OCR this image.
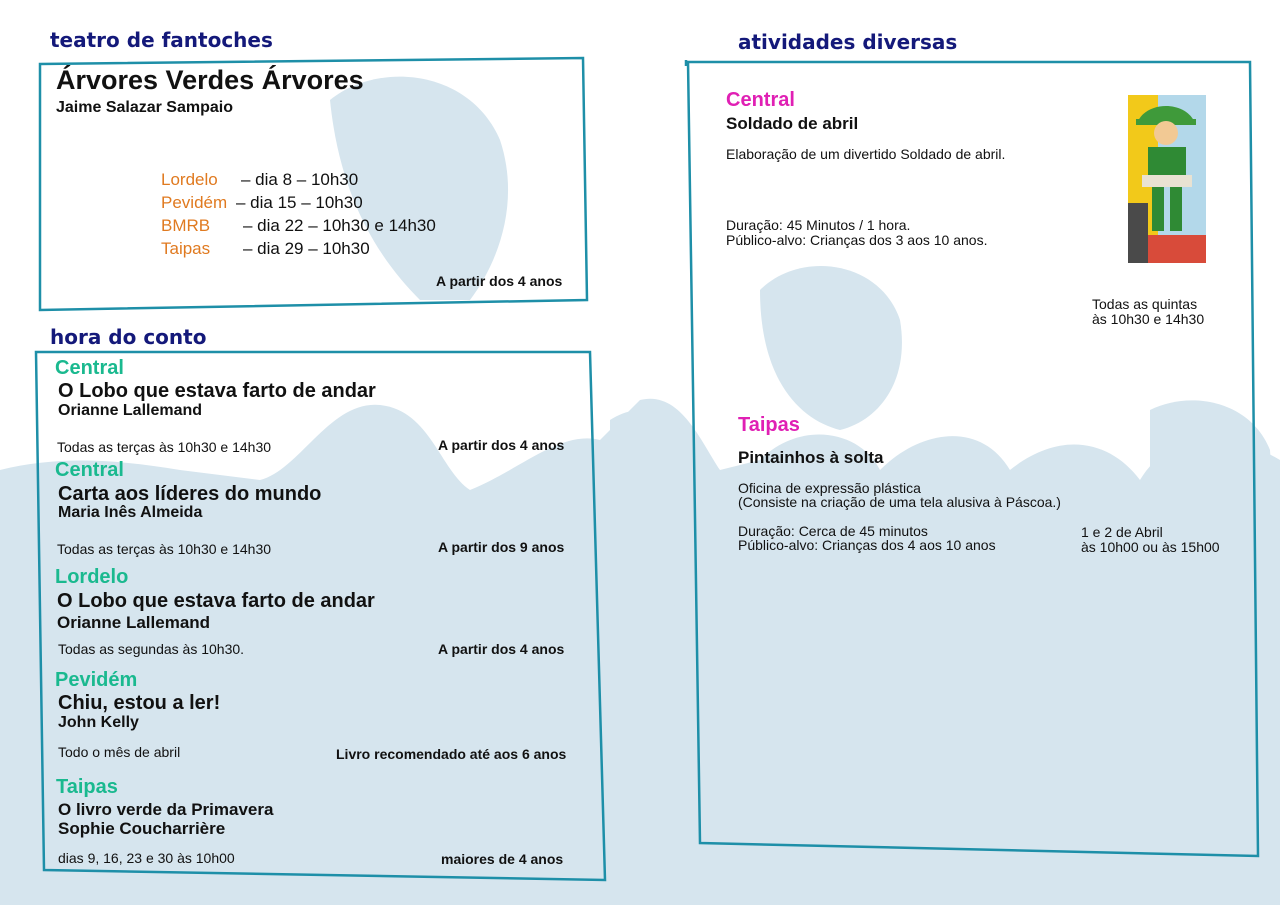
teatro de fantoches
Árvores Verdes Árvores
Jaime Salazar Sampaio
Lordelo	– dia 8 – 10h30
Pevidém – dia 15 – 10h30
BMRB	– dia 22 – 10h30 e 14h30
Taipas	– dia 29 – 10h30
A partir dos 4 anos
hora do conto
Central
O Lobo que estava farto de andar
Orianne Lallemand
Todas as terças às 10h30 e 14h30	A partir dos 4 anos
Central
Carta aos líderes do mundo
Maria Inês Almeida
Todas as terças às 10h30 e 14h30	A partir dos 9 anos
Lordelo
O Lobo que estava farto de andar
Orianne Lallemand
Todas as segundas às 10h30.	A partir dos 4 anos
Pevidém
Chiu, estou a ler!
John Kelly
Todo o mês de abril	Livro recomendado até aos 6 anos
Taipas
O livro verde da Primavera
Sophie Coucharrière
dias 9, 16, 23 e 30 às 10h00	maiores de 4 anos
atividades diversas
Central
Soldado de abril
Elaboração de um divertido Soldado de abril.
Duração: 45 Minutos / 1 hora.
Público-alvo: Crianças dos 3 aos 10 anos.
Todas as quintas
às 10h30 e 14h30
Taipas
Pintainhos à solta
Oficina de expressão plástica
(Consiste na criação de uma tela alusiva à Páscoa.)
Duração: Cerca de 45 minutos
Público-alvo: Crianças dos 4 aos 10 anos
1 e 2 de Abril
às 10h00 ou às 15h00
